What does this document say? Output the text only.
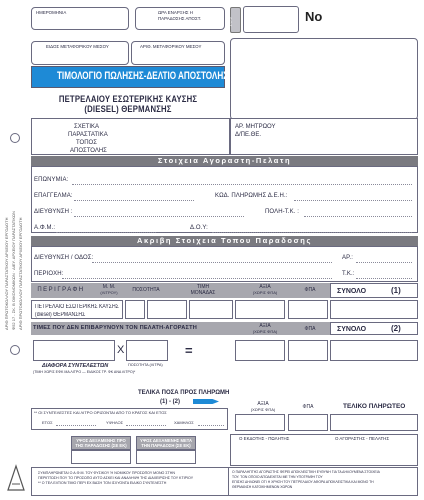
ΑΡΙΘ ΠΡΩΤΟΚΟΛΛΟΥ ΠΑΡΑΣΤΑΤΙΚΟΥ ΑΡΧΕΙΟΥ ΕΡΓΟΔΟΤΗ Φ52 17 - ΣΚ. Β ΟΙΚΟΝΟΜΙΚΩΝ · ΔΙΕΥ. ΑΡΧΕΙΟΥ ΠΑΡΑΣΤΑΤΙΚΩΝ ΑΡΙΘ ΠΡΩΤΟΚΟΛΛΟΥ ΠΑΡΑΣΤΑΤΙΚΟΥ ΑΡΧΕΙΟΥ ΕΡΓΟΔΟΤΗ
ΗΜΕΡΟΜΗΝΙΑ	ΩΡΑ ΕΝΑΡΞΗΣ Η
ΠΑΡΑΔΟΣΗΣ ΑΠΟΣΤ.	1-2-3	No
ΕΙΔΟΣ ΜΕΤΑΦΟΡΙΚΟΥ ΜΕΣΟΥ	ΑΡΙΘ. ΜΕΤΑΦΟΡΙΚΟΥ ΜΕΣΟΥ
ΤΙΜΟΛΟΓΙΟ ΠΩΛΗΣΗΣ-ΔΕΛΤΙΟ ΑΠΟΣΤΟΛΗΣ
ΠΕΤΡΕΛΑΙΟΥ ΕΣΩΤΕΡΙΚΗΣ ΚΑΥΣΗΣ
(DIESEL) ΘΕΡΜΑΝΣΗΣ
ΣΧΕΤΙΚΑ
ΠΑΡΑΣΤΑΤΙΚΑ
ΤΟΠΟΣ
ΑΠΟΣΤΟΛΗΣ
ΑΡ. ΜΗΤΡΩΟΥ
Δ/ΠΕ.ΘΕ.
Στοιχεια Αγοραστη-Πελατη
ΕΠΩΝΥΜΙΑ:
ΕΠΑΓΓΕΛΜΑ:	ΚΩΔ. ΠΛΗΡΩΜΗΣ Δ.Ε.Η.:
ΔΙΕΥΘΥΝΣΗ :	ΠΟΛΗ-Τ.Κ. :
Α.Φ.Μ.:	Δ.Ο.Υ:
Ακριβη Στοιχεια Τοπου Παραδοσης
ΔΙΕΥΘΥΝΣΗ / ΟΔΟΣ:	ΑΡ.:
ΠΕΡΙΟΧΗ:	Τ.Κ.:
ΠΕΡΙΓΡΑΦΗ	Μ. Μ.
(ΛΙΤΡΟΥ)	ΠΟΣΟΤΗΤΑ	ΤΙΜΗ
ΜΟΝΑΔΑΣ
ΑΞΙΑ
(ΧΩΡΙΣ ΦΠΑ)	ΦΠΑ	ΣΥΝΟΛΟ	(1)
ΠΕΤΡΕΛΑΙΟ ΕΣΩΤΕΡΙΚΗΣ ΚΑΥΣΗΣ
(diesel) ΘΕΡΜΑΝΣΗΣ
ΤΙΜΕΣ ΠΟΥ ΔΕΝ ΕΠΙΒΑΡΥΝΟΥΝ ΤΟΝ ΠΕΛΑΤΗ-ΑΓΟΡΑΣΤΗ	ΑΞΙΑ
(ΧΩΡΙΣ ΦΠΑ)	ΦΠΑ	ΣΥΝΟΛΟ	(2)
X	=
ΔΙΑΦΟΡΑ ΣΥΝΤΕΛΕΣΤΩΝ
(ΤΙΜΗ ΧΩΡΙΣ ΕΦΚ ΜΑ ΛΙΤΡΟ — ΕΙΔΙΚΟΣ ΤΡ. ΦΚ ΑΝΑ ΛΙΤΡΟ)*
ΠΟΣΟΤΗΤΑ (ΛΙΤΡΑ)
ΤΕΛΙΚΑ ΠΟΣΑ ΠΡΟΣ ΠΛΗΡΩΜΗ
(1) - (2)	ΑΞΙΑ
(ΧΩΡΙΣ ΦΠΑ)	ΦΠΑ	ΤΕΛΙΚΟ ΠΛΗΡΩΤΕΟ
** ΟΙ ΣΥΝΤΕΛΕΣΤΕΣ ΚΑΙ ΛΙΤΡΟ ΟΡΙΖΟΝΤΑΙ ΑΠΟ ΤΟ ΚΡΑΤΟΣ ΚΑΙ ΕΤΟΣ
ΕΤΟΣ	ΥΨΗΛΟΣ	ΧΑΜΗΛΟΣ
ΥΨΟΣ ΔΕΞΑΜΕΝΗΣ ΠΡΟ
ΤΗΣ ΠΑΡΑΔΟΣΗΣ (ΣΕ ΕΚ)
ΥΨΟΣ ΔΕΞΑΜΕΝΗΣ ΜΕΤΑ
ΤΗΝ ΠΑΡΑΔΟΣΗ (ΣΕ ΕΚ)
Ο ΕΚΔΟΤΗΣ - ΠΩΛΗΤΗΣ	Ο ΑΓΟΡΑΣΤΗΣ - ΠΕΛΑΤΗΣ
ΣΥΜΠΛΗΡΩΝΕΤΑΙ Ο Α.Φ.Μ. ΤΟΥ ΦΥΣΙΚΟΥ Ή ΝΟΜΙΚΟΥ ΠΡΟΣΩΠΟΥ ΜΟΝΟ ΣΤΗΝ
ΠΕΡΙΠΤΩΣΗ ΠΟΥ ΤΟ ΠΡΟΣΩΠΟ ΑΥΤΟ ΑΣΚΕΙ ΚΑΙ ΑΝΑΛΗΨΗ ΤΗΣ ΔΙΑΧΕΙΡΙΣΗΣ ΤΟΥ ΚΤΙΡΙΟΥ
** Ο ΤΕΛ ΕΛΤΙΟΝ ΤΙΜΟ ΠΕΡΙ ΕΧ ΒΑΣΗ ΤΟΝ ΙΣΧΥΟΝΤΑ ΕΙΔΙΚΟ ΣΥΝΤΕΛΕΣΤΗ
Ο ΠΑΡΑΛΗΠΤΗΣ ΑΓΟΡΑΣΤΗΣ ΦΕΡΕΙ ΑΠΟΚΛΕΙΣΤΙΚΗ ΕΥΘΥΝΗ ΓΙΑ ΤΑ ΔΗΛΟΥΜΕΝΑ ΣΤΟΙΧΕΙΑ
ΤΟΥ. ΤΟΝ ΟΠΟΙΟ ΑΠΟΔΕΧΕΤΑΙ ΜΕ ΤΗΝ ΥΠΟΓΡΑΦΗ ΤΟΥ
ΕΠΙΣΗΣ ΔΗΛΩΝΕΙ ΟΤΙ Η ΧΡΗΣΗ ΤΟΥ ΠΕΤΡΕΛΑΙΟΥ ΑΦΟΡΑ ΑΠΟΚΛΕΙΣΤΙΚΑ ΚΑΙ ΜΟΝΟ ΤΗ
ΘΕΡΜΑΝΣΗ ΚΑΤΟΙΚΗΜΕΝΩΝ ΧΩΡΩΝ
